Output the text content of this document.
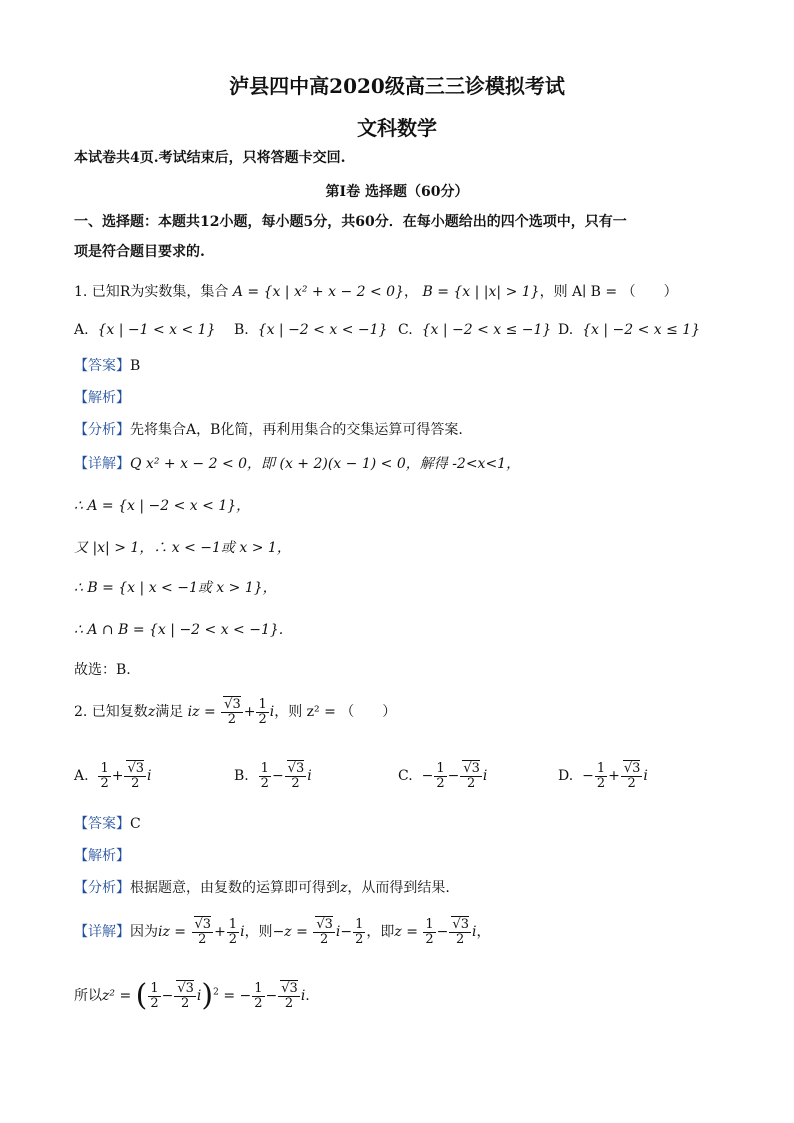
泸县四中高2020级高三三诊模拟考试
文科数学
本试卷共4页.考试结束后，只将答题卡交回.
第I卷 选择题（60分）
一、选择题：本题共12小题，每小题5分，共60分．在每小题给出的四个选项中，只有一
项是符合题目要求的.
1. 已知R为实数集，集合 A = {x | x² + x − 2 < 0}， B = {x | |x| > 1}，则 A∣ B = （　　）
A. {x | −1 < x < 1} B. {x | −2 < x < −1} C. {x | −2 < x ≤ −1} D. {x | −2 < x ≤ 1}
【答案】B
【解析】
【分析】先将集合A，B化简，再利用集合的交集运算可得答案.
【详解】Q x² + x − 2 < 0，即 (x + 2)(x − 1) < 0，解得 -2<x<1，
∴ A = {x | −2 < x < 1}，
又 |x| > 1，∴ x < −1或 x > 1，
∴ B = {x | x < −1或 x > 1}，
∴ A ∩ B = {x | −2 < x < −1}.
故选：B.
2. 已知复数z满足 iz = $\frac{√3}{2} + \frac{1}{2}$ i，则 z² = （　　）
A. $\frac{1}{2} + \frac{√3}{2}$ i	B. $\frac{1}{2} - \frac{√3}{2}$ i	C. − $\frac{1}{2} - \frac{√3}{2}$ i	D. − $\frac{1}{2} + \frac{√3}{2}$ i
【答案】C
【解析】
【分析】根据题意，由复数的运算即可得到z，从而得到结果.
【详解】因为iz = $\frac{√3}{2} + \frac{1}{2}$ i，则$-z = \frac{√3}{2} i- \frac{1}{2}$ ，即$z = \frac{1}{2} - \frac{√3}{2}$ i，
所以z² = ( $\frac{1}{2} - \frac{√3}{2} i)^2$ = − $\frac{1}{2} - \frac{√3}{2} i$.
